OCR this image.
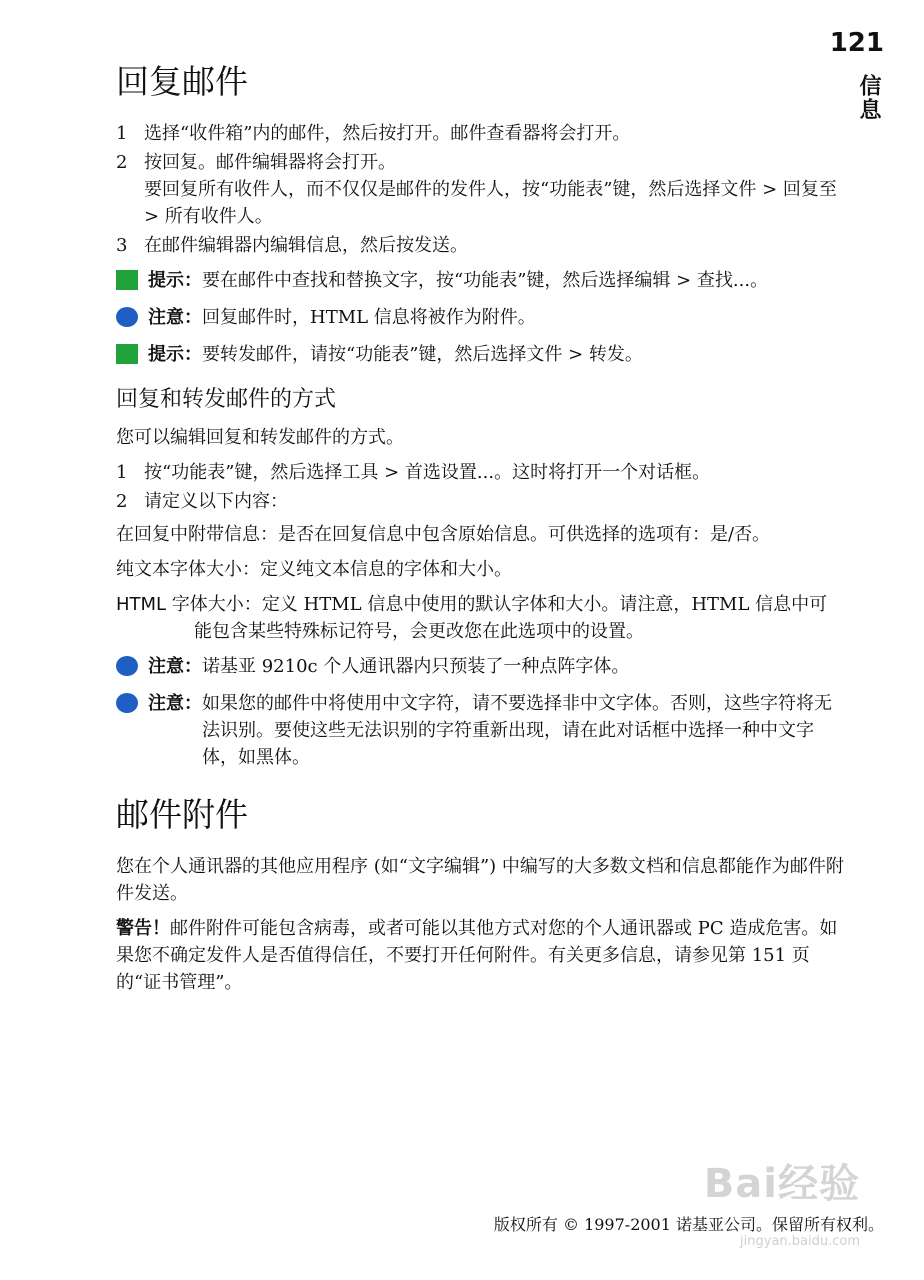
121
信息
回复邮件
1 选择“收件箱”内的邮件，然后按打开。邮件查看器将会打开。
2 按回复。邮件编辑器将会打开。
要回复所有收件人，而不仅仅是邮件的发件人，按“功能表”键，然后选择文件 > 回复至 > 所有收件人。
3 在邮件编辑器内编辑信息，然后按发送。
提示： 要在邮件中查找和替换文字，按“功能表”键，然后选择编辑 > 查找...。
注意： 回复邮件时，HTML 信息将被作为附件。
提示： 要转发邮件，请按“功能表”键，然后选择文件 > 转发。
回复和转发邮件的方式
您可以编辑回复和转发邮件的方式。
1 按“功能表”键，然后选择工具 > 首选设置...。这时将打开一个对话框。
2 请定义以下内容：
在回复中附带信息：是否在回复信息中包含原始信息。可供选择的选项有：是/否。
纯文本字体大小：定义纯文本信息的字体和大小。
HTML 字体大小：定义 HTML 信息中使用的默认字体和大小。请注意，HTML 信息中可能包含某些特殊标记符号，会更改您在此选项中的设置。
注意： 诺基亚 9210c 个人通讯器内只预装了一种点阵字体。
注意： 如果您的邮件中将使用中文字符，请不要选择非中文字体。否则，这些字符将无法识别。要使这些无法识别的字符重新出现，请在此对话框中选择一种中文字体，如黑体。
邮件附件
您在个人通讯器的其他应用程序 (如“文字编辑”) 中编写的大多数文档和信息都能作为邮件附件发送。
警告！邮件附件可能包含病毒，或者可能以其他方式对您的个人通讯器或 PC 造成危害。如果您不确定发件人是否值得信任，不要打开任何附件。有关更多信息，请参见第 151 页的“证书管理”。
Bai经验
jingyan.baidu.com
版权所有 © 1997-2001 诺基亚公司。保留所有权利。
